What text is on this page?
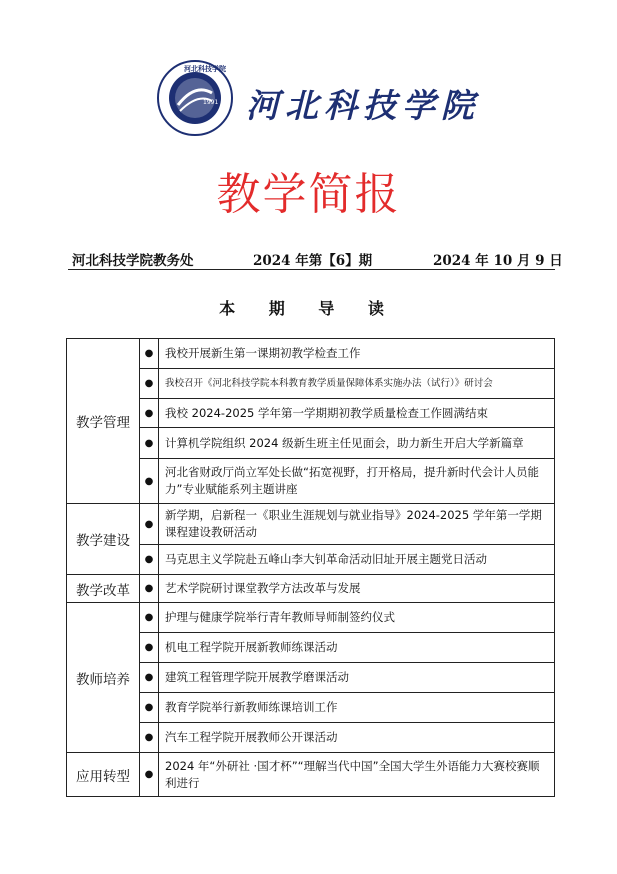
1991
河北科技学院
河北科技学院
教学简报
河北科技学院教务处	2024 年第【6】期	2024 年 10 月 9 日
本 期 导 读
教学管理	●	我校开展新生第一课期初教学检查工作
	●	我校召开《河北科技学院本科教育教学质量保障体系实施办法（试行）》研讨会
	●	我校 2024-2025 学年第一学期期初教学质量检查工作圆满结束
	●	计算机学院组织 2024 级新生班主任见面会，助力新生开启大学新篇章
	●	河北省财政厅尚立军处长做“拓宽视野，打开格局，提升新时代会计人员能力”专业赋能系列主题讲座
教学建设	●	新学期，启新程一《职业生涯规划与就业指导》2024-2025 学年第一学期课程建设教研活动
	●	马克思主义学院赴五峰山李大钊革命活动旧址开展主题党日活动
教学改革	●	艺术学院研讨课堂教学方法改革与发展
教师培养	●	护理与健康学院举行青年教师导师制签约仪式
	●	机电工程学院开展新教师练课活动
	●	建筑工程管理学院开展教学磨课活动
	●	教育学院举行新教师练课培训工作
	●	汽车工程学院开展教师公开课活动
应用转型	●	2024 年“外研社 ·国才杯”“理解当代中国”全国大学生外语能力大赛校赛顺利进行
